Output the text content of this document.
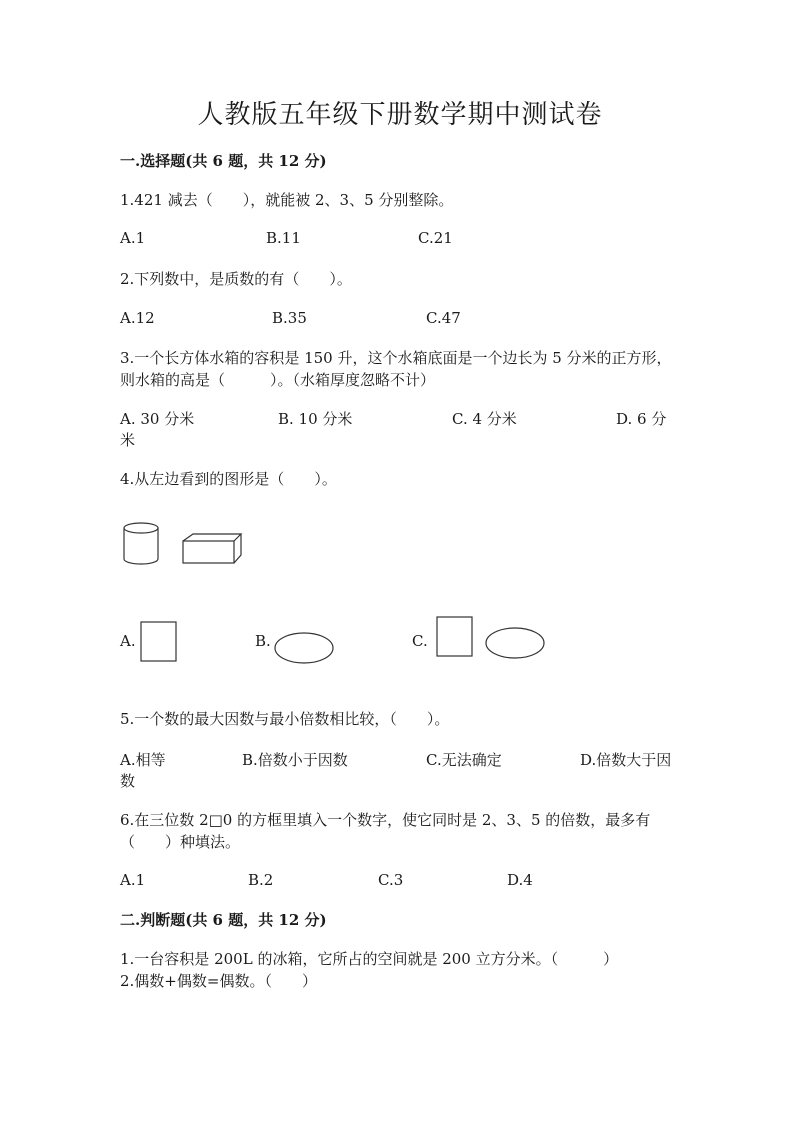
人教版五年级下册数学期中测试卷
一.选择题(共 6 题，共 12 分)
1.421 减去（　　），就能被 2、3、5 分别整除。
A.1	B.11	C.21
2.下列数中，是质数的有（　　）。
A.12	B.35	C.47
3.一个长方体水箱的容积是 150 升，这个水箱底面是一个边长为 5 分米的正方形，则水箱的高是（　　　）。（水箱厚度忽略不计）
A. 30 分米	B. 10 分米	C. 4 分米	D. 6 分
米
4.从左边看到的图形是（　　）。
A.	B.	C.
5.一个数的最大因数与最小倍数相比较，（　　）。
A.相等	B.倍数小于因数	C.无法确定	D.倍数大于因
数
6.在三位数 2□0 的方框里填入一个数字，使它同时是 2、3、5 的倍数，最多有（　　）种填法。
A.1	B.2	C.3	D.4
二.判断题(共 6 题，共 12 分)
1.一台容积是 200L 的冰箱，它所占的空间就是 200 立方分米。（　　　）
2.偶数+偶数=偶数。（　　）
